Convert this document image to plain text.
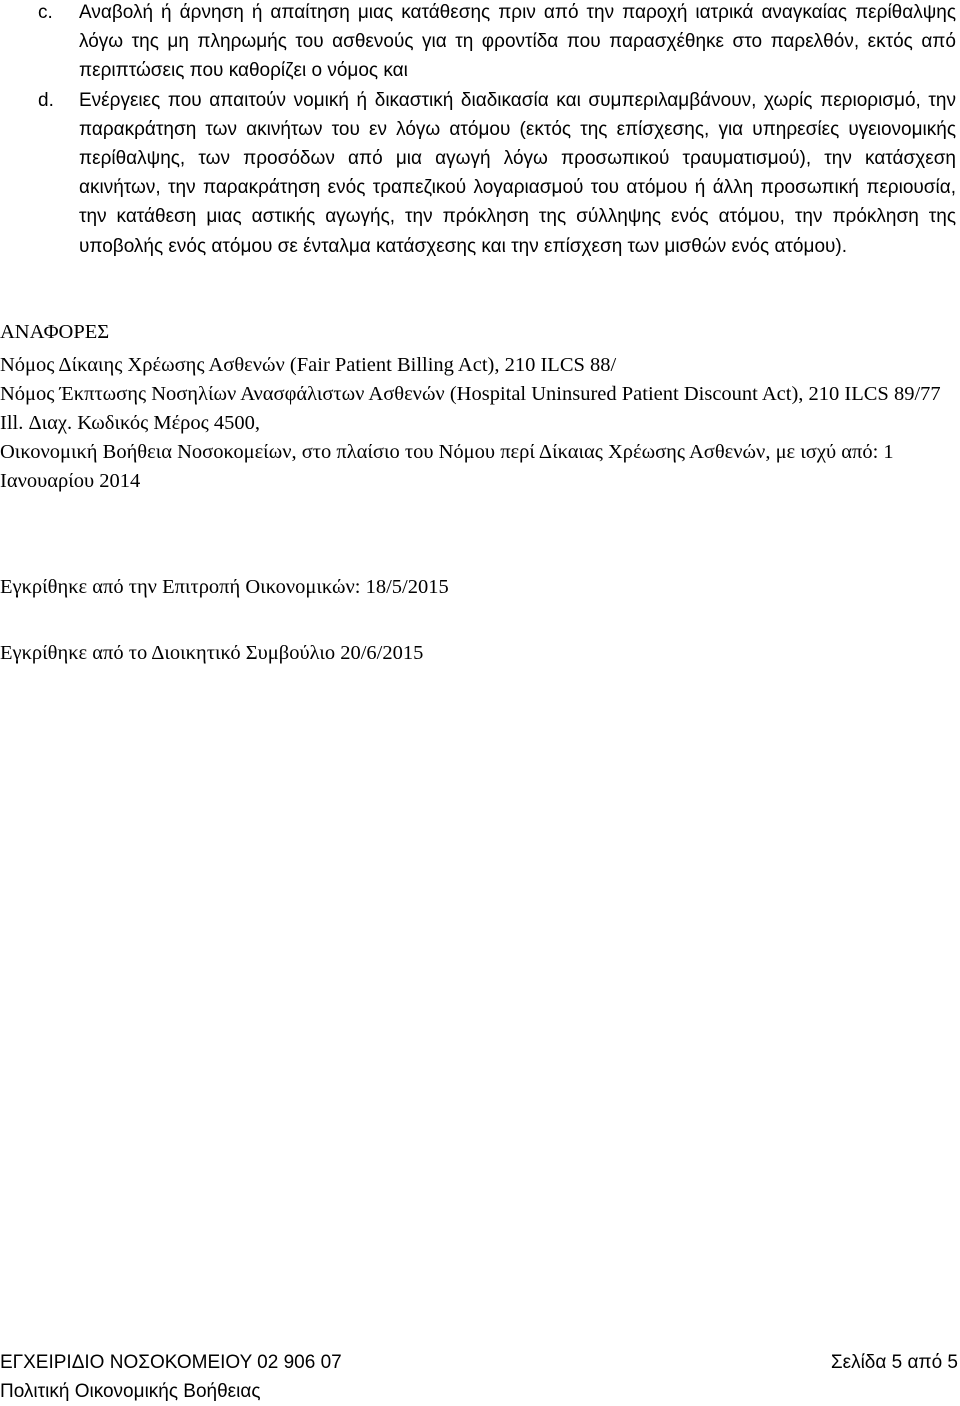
c. Αναβολή ή άρνηση ή απαίτηση μιας κατάθεσης πριν από την παροχή ιατρικά αναγκαίας περίθαλψης λόγω της μη πληρωμής του ασθενούς για τη φροντίδα που παρασχέθηκε στο παρελθόν, εκτός από περιπτώσεις που καθορίζει ο νόμος και
d. Ενέργειες που απαιτούν νομική ή δικαστική διαδικασία και συμπεριλαμβάνουν, χωρίς περιορισμό, την παρακράτηση των ακινήτων του εν λόγω ατόμου (εκτός της επίσχεσης, για υπηρεσίες υγειονομικής περίθαλψης, των προσόδων από μια αγωγή λόγω προσωπικού τραυματισμού), την κατάσχεση ακινήτων, την παρακράτηση ενός τραπεζικού λογαριασμού του ατόμου ή άλλη προσωπική περιουσία, την κατάθεση μιας αστικής αγωγής, την πρόκληση της σύλληψης ενός ατόμου, την πρόκληση της υποβολής ενός ατόμου σε ένταλμα κατάσχεσης και την επίσχεση των μισθών ενός ατόμου).
ΑΝΑΦΟΡΕΣ

Νόμος Δίκαιης Χρέωσης Ασθενών (Fair Patient Billing Act), 210 ILCS 88/

Νόμος Έκπτωσης Νοσηλίων Ανασφάλιστων Ασθενών (Hospital Uninsured Patient Discount Act), 210 ILCS 89/77 Ill. Διαχ. Κωδικός Μέρος 4500,

Οικονομική Βοήθεια Νοσοκομείων, στο πλαίσιο του Νόμου περί Δίκαιας Χρέωσης Ασθενών, με ισχύ από: 1 Ιανουαρίου 2014

Εγκρίθηκε από την Επιτροπή Οικονομικών: 18/5/2015

Εγκρίθηκε από το Διοικητικό Συμβούλιο 20/6/2015

ΕΓΧΕΙΡΙΔΙΟ ΝΟΣΟΚΟΜΕΙΟΥ 02 906 07	Σελίδα 5 από 5
Πολιτική Οικονομικής Βοήθειας
